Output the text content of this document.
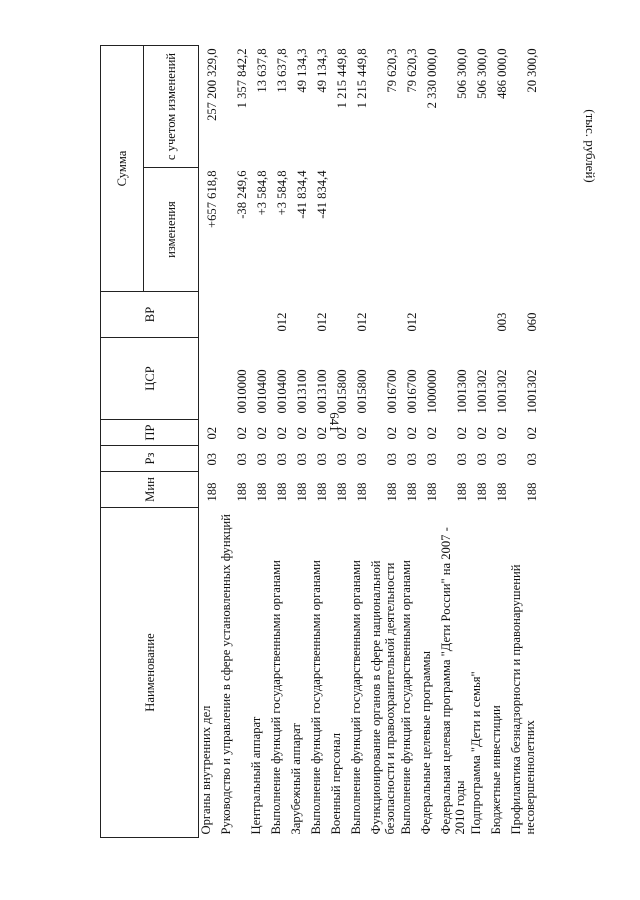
641
(тыс. рублей)
Наименование	Мин	Рз	ПР	ЦСР	ВР	Сумма	
						изменения	с учетом изменений
Органы внутренних дел	188	03	02			+657 618,8	257 200 329,0
Руководство и управление в сфере установленных функций	188	03	02	0010000		-38 249,6	1 357 842,2
Центральный аппарат	188	03	02	0010400		+3 584,8	13 637,8
Выполнение функций государственными органами	188	03	02	0010400	012	+3 584,8	13 637,8
Зарубежный аппарат	188	03	02	0013100		-41 834,4	49 134,3
Выполнение функций государственными органами	188	03	02	0013100	012	-41 834,4	49 134,3
Военный персонал	188	03	02	0015800			1 215 449,8
Выполнение функций государственными органами	188	03	02	0015800	012		1 215 449,8
Функционирование органов в сфере национальной безопасности и правоохранительной деятельности	188	03	02	0016700			79 620,3
Выполнение функций государственными органами	188	03	02	0016700	012		79 620,3
Федеральные целевые программы	188	03	02	1000000			2 330 000,0
Федеральная целевая программа "Дети России" на 2007 - 2010 годы	188	03	02	1001300			506 300,0
Подпрограмма "Дети и семья"	188	03	02	1001302			506 300,0
Бюджетные инвестиции	188	03	02	1001302	003		486 000,0
Профилактика безнадзорности и правонарушений несовершеннолетних	188	03	02	1001302	060		20 300,0
